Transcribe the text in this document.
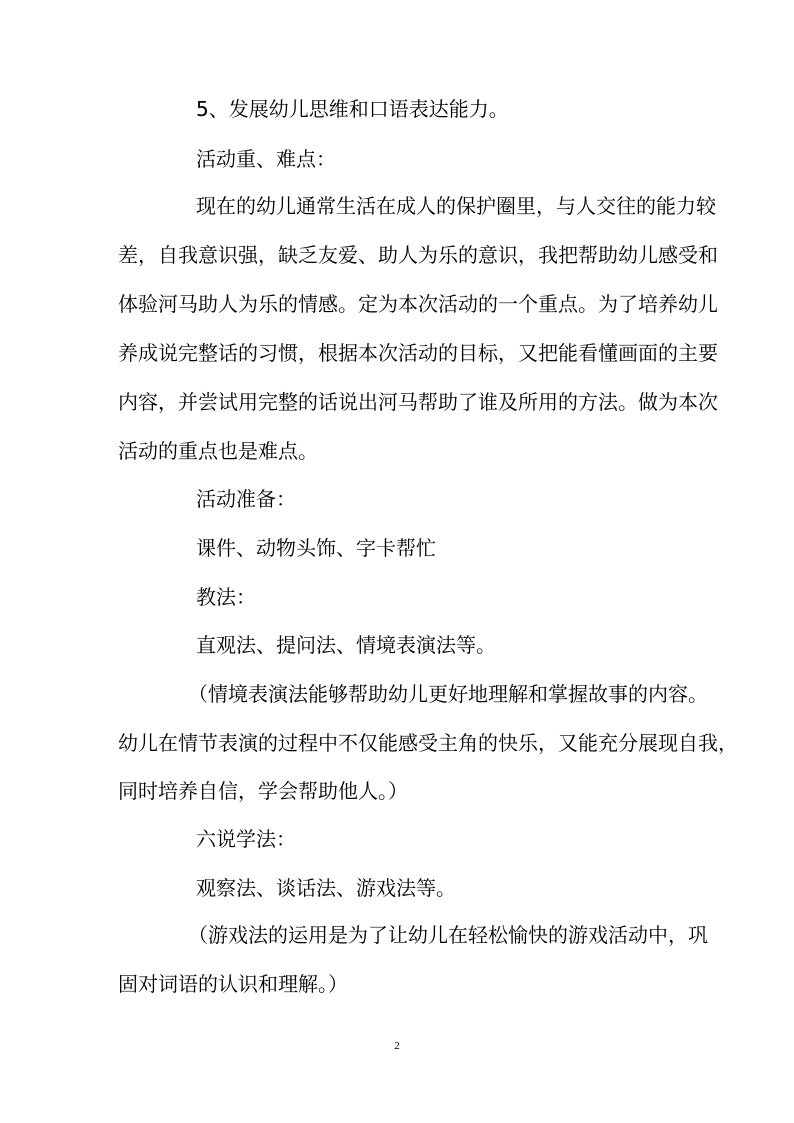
5、发展幼儿思维和口语表达能力。

活动重、难点：

现在的幼儿通常生活在成人的保护圈里，与人交往的能力较

差，自我意识强，缺乏友爱、助人为乐的意识，我把帮助幼儿感受和

体验河马助人为乐的情感。定为本次活动的一个重点。为了培养幼儿

养成说完整话的习惯，根据本次活动的目标，又把能看懂画面的主要

内容，并尝试用完整的话说出河马帮助了谁及所用的方法。做为本次

活动的重点也是难点。

活动准备：

课件、动物头饰、字卡帮忙

教法：

直观法、提问法、情境表演法等。

（情境表演法能够帮助幼儿更好地理解和掌握故事的内容。

幼儿在情节表演的过程中不仅能感受主角的快乐，又能充分展现自我，

同时培养自信，学会帮助他人。）

六说学法：

观察法、谈话法、游戏法等。

（游戏法的运用是为了让幼儿在轻松愉快的游戏活动中，巩

固对词语的认识和理解。）

2
